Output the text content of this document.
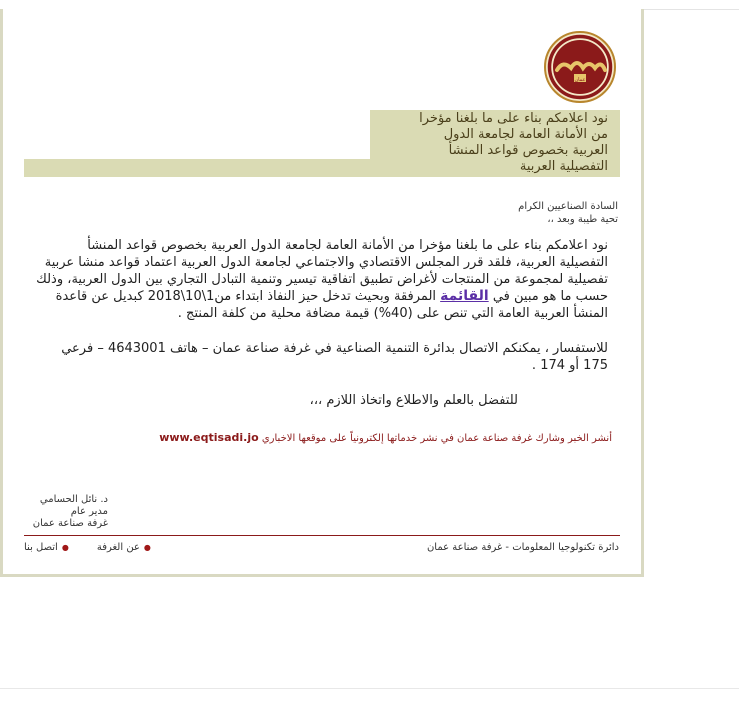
عمان
نود اعلامكم بناء على ما بلغنا مؤخرا
من الأمانة العامة لجامعة الدول
العربية بخصوص قواعد المنشأ
التفصيلية العربية
السادة الصناعيين الكرام
تحية طيبة وبعد ،،

نود اعلامكم بناء على ما بلغنا مؤخرا من الأمانة العامة لجامعة الدول العربية بخصوص قواعد المنشأ التفصيلية العربية، فلقد قرر المجلس الاقتصادي والاجتماعي لجامعة الدول العربية اعتماد قواعد منشا عربية تفصيلية لمجموعة من المنتجات لأغراض تطبيق اتفاقية تيسير وتنمية التبادل التجاري بين الدول العربية، وذلك حسب ما هو مبين في القائمة المرفقة وبحيث تدخل حيز النفاذ ابتداء من1\10\2018 كبديل عن قاعدة المنشأ العربية العامة التي تنص على (40%) قيمة مضافة محلية من كلفة المنتج .

للاستفسار ، يمكنكم الاتصال بدائرة التنمية الصناعية في غرفة صناعة عمان – هاتف 4643001 – فرعي 175 أو 174 .

للتفضل بالعلم والاطلاع واتخاذ اللازم ،،،

أنشر الخبر وشارك غرفة صناعة عمان في نشر خدماتها إلكترونياً على موقعها الاخباري www.eqtisadi.jo
د. نائل الحسامي
مدير عام
غرفة صناعة عمان
●
اتصل بنا	●
عن الغرفة	دائرة تكنولوجيا المعلومات - غرفة صناعة عمان
